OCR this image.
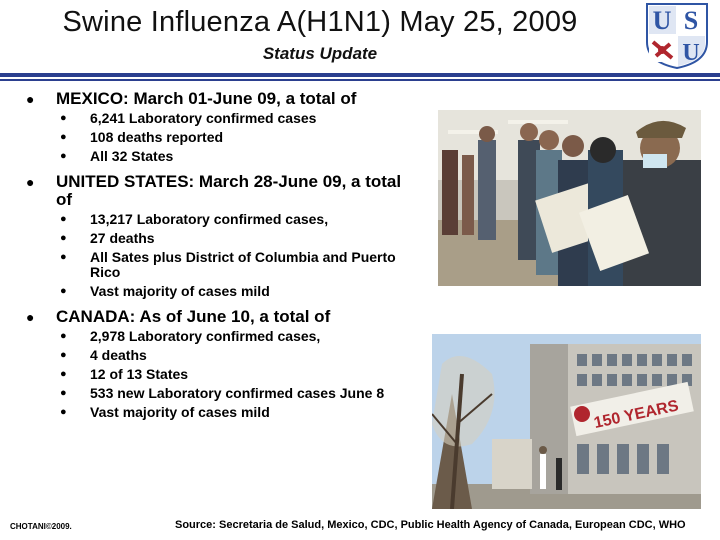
Swine Influenza A(H1N1) May 25, 2009
Status Update
U S
U
●	MEXICO: March 01-June 09, a total of
●	6,241 Laboratory confirmed cases
●	108 deaths reported
●	All 32 States
●	UNITED STATES: March 28-June 09, a total of
●	13,217 Laboratory confirmed cases,
●	27 deaths
●	All Sates plus District of Columbia and Puerto Rico
●	Vast majority of cases mild
●	CANADA: As of June 10, a total of
●	2,978 Laboratory confirmed cases,
●	4 deaths
●	12 of 13 States
●	533 new Laboratory confirmed cases June 8
●	Vast majority of cases mild	150 YEARS
CHOTANI©2009.	Source: Secretaria de Salud, Mexico, CDC, Public Health Agency of Canada, European CDC, WHO
